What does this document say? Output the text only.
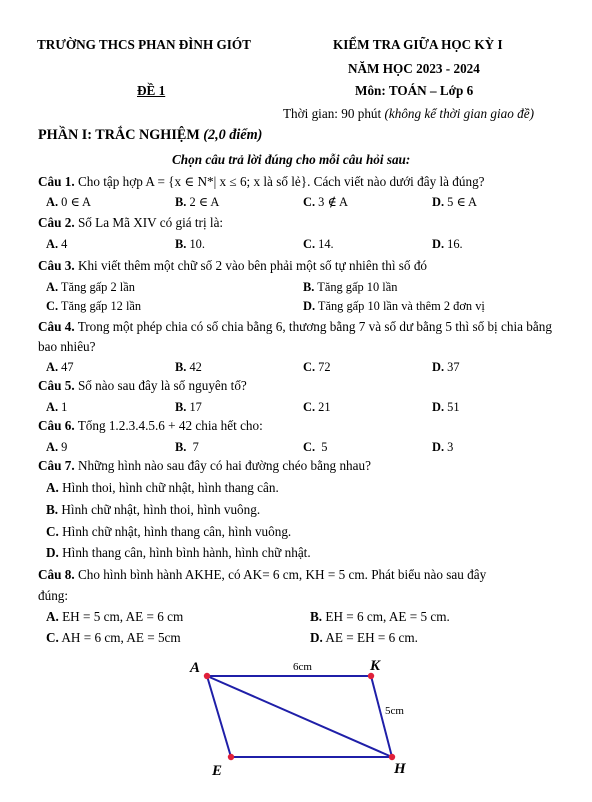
TRƯỜNG THCS PHAN ĐÌNH GIÓT	KIỂM TRA GIỮA HỌC KỲ I
NĂM HỌC 2023 - 2024
ĐỀ 1	Môn: TOÁN – Lớp 6
Thời gian: 90 phút (không kể thời gian giao đề)
PHẦN I: TRẮC NGHIỆM (2,0 điểm)
Chọn câu trả lời đúng cho mỗi câu hỏi sau:
Câu 1. Cho tập hợp A = {x ∈ N*| x ≤ 6; x là số lẻ}. Cách viết nào dưới đây là đúng?
A. 0 ∈ A	B. 2 ∈ A	C. 3 ∉ A	D. 5 ∈ A
Câu 2. Số La Mã XIV có giá trị là:
A. 4	B. 10.	C. 14.	D. 16.
Câu 3. Khi viết thêm một chữ số 2 vào bên phải một số tự nhiên thì số đó
A. Tăng gấp 2 lần	B. Tăng gấp 10 lần
C. Tăng gấp 12 lần	D. Tăng gấp 10 lần và thêm 2 đơn vị
Câu 4. Trong một phép chia có số chia bằng 6, thương bằng 7 và số dư bằng 5 thì số bị chia bằng
bao nhiêu?
A. 47	B. 42	C. 72	D. 37
Câu 5. Số nào sau đây là số nguyên tố?
A. 1	B. 17	C. 21	D. 51
Câu 6. Tổng 1.2.3.4.5.6 + 42 chia hết cho:
A. 9	B. 7	C. 5	D. 3
Câu 7. Những hình nào sau đây có hai đường chéo bằng nhau?
A. Hình thoi, hình chữ nhật, hình thang cân.
B. Hình chữ nhật, hình thoi, hình vuông.
C. Hình chữ nhật, hình thang cân, hình vuông.
D. Hình thang cân, hình bình hành, hình chữ nhật.
Câu 8. Cho hình bình hành AKHE, có AK= 6 cm, KH = 5 cm. Phát biểu nào sau đây
đúng:
A. EH = 5 cm, AE = 6 cm	B. EH = 6 cm, AE = 5 cm.
C. AH = 6 cm, AE = 5cm	D. AE = EH = 6 cm.
A	K
E	H
6cm
5cm
